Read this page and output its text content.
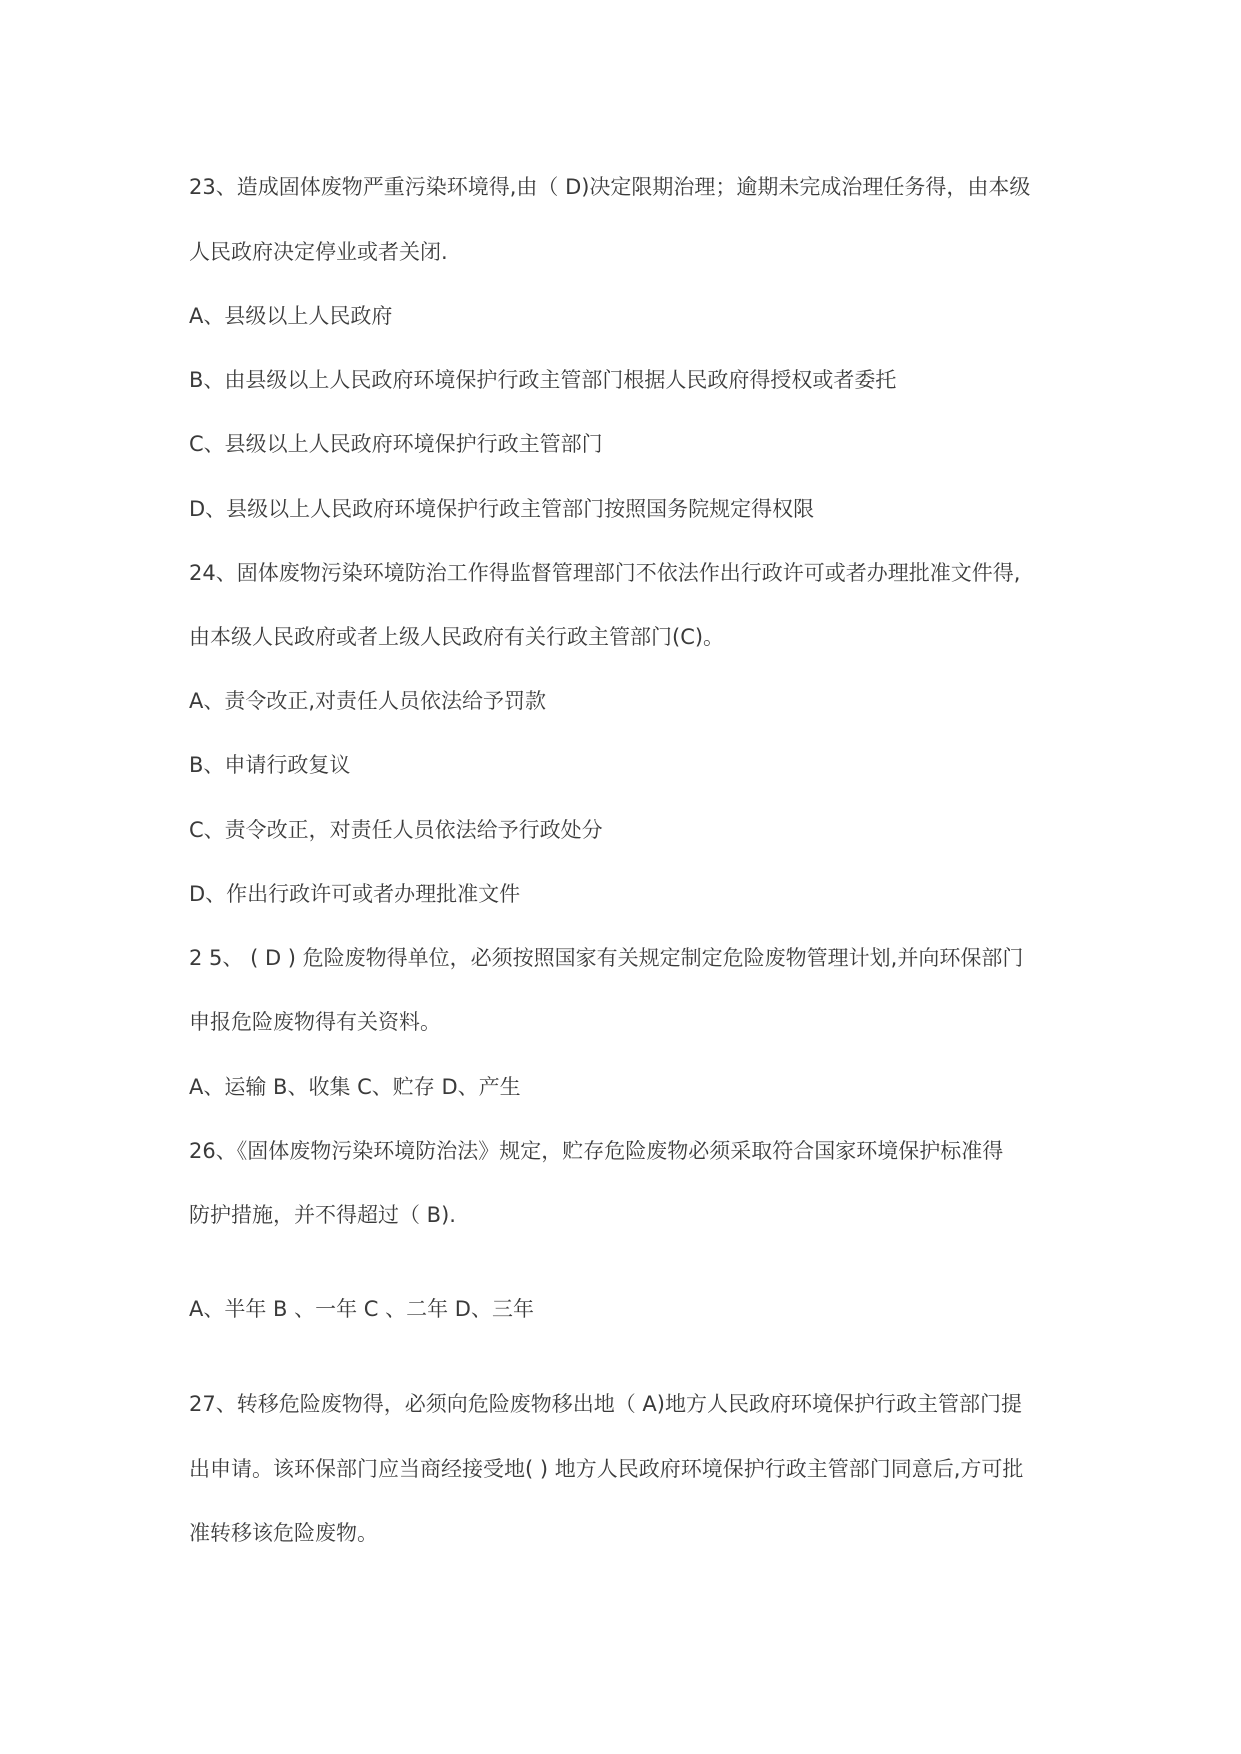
23、造成固体废物严重污染环境得,由（ D)决定限期治理；逾期未完成治理任务得，由本级
人民政府决定停业或者关闭.
A、县级以上人民政府
B、由县级以上人民政府环境保护行政主管部门根据人民政府得授权或者委托
C、县级以上人民政府环境保护行政主管部门
D、县级以上人民政府环境保护行政主管部门按照国务院规定得权限
24、固体废物污染环境防治工作得监督管理部门不依法作出行政许可或者办理批准文件得,
由本级人民政府或者上级人民政府有关行政主管部门(C)。
A、责令改正,对责任人员依法给予罚款
B、申请行政复议
C、责令改正，对责任人员依法给予行政处分
D、作出行政许可或者办理批准文件
2 5、 ( D ) 危险废物得单位，必须按照国家有关规定制定危险废物管理计划,并向环保部门
申报危险废物得有关资料。
A、运输 B、收集 C、贮存 D、产生
26、《固体废物污染环境防治法》规定，贮存危险废物必须采取符合国家环境保护标准得
防护措施，并不得超过（ B).
A、半年 B 、一年 C 、二年 D、三年
27、转移危险废物得，必须向危险废物移出地（ A)地方人民政府环境保护行政主管部门提
出申请。该环保部门应当商经接受地( ) 地方人民政府环境保护行政主管部门同意后,方可批
准转移该危险废物。
